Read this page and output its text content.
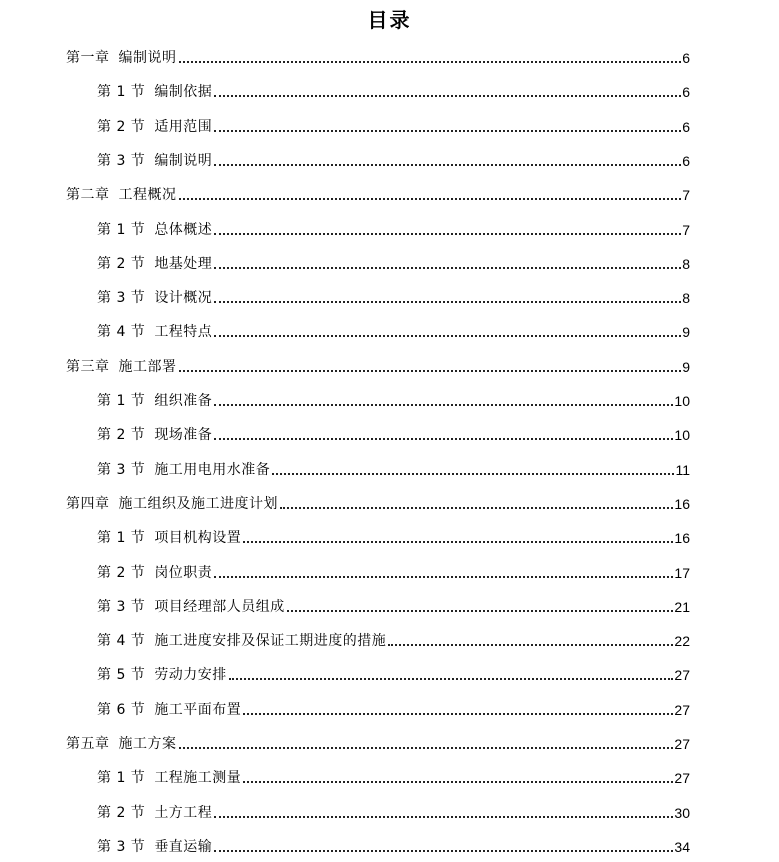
目录
第一章 编制说明	6
第 1 节 编制依据	6
第 2 节 适用范围	6
第 3 节 编制说明	6
第二章 工程概况	7
第 1 节 总体概述	7
第 2 节 地基处理	8
第 3 节 设计概况	8
第 4 节 工程特点	9
第三章 施工部署	9
第 1 节 组织准备	10
第 2 节 现场准备	10
第 3 节 施工用电用水准备	11
第四章 施工组织及施工进度计划	16
第 1 节 项目机构设置	16
第 2 节 岗位职责	17
第 3 节 项目经理部人员组成	21
第 4 节 施工进度安排及保证工期进度的措施	22
第 5 节 劳动力安排	27
第 6 节 施工平面布置	27
第五章 施工方案	27
第 1 节 工程施工测量	27
第 2 节 土方工程	30
第 3 节 垂直运输	34
